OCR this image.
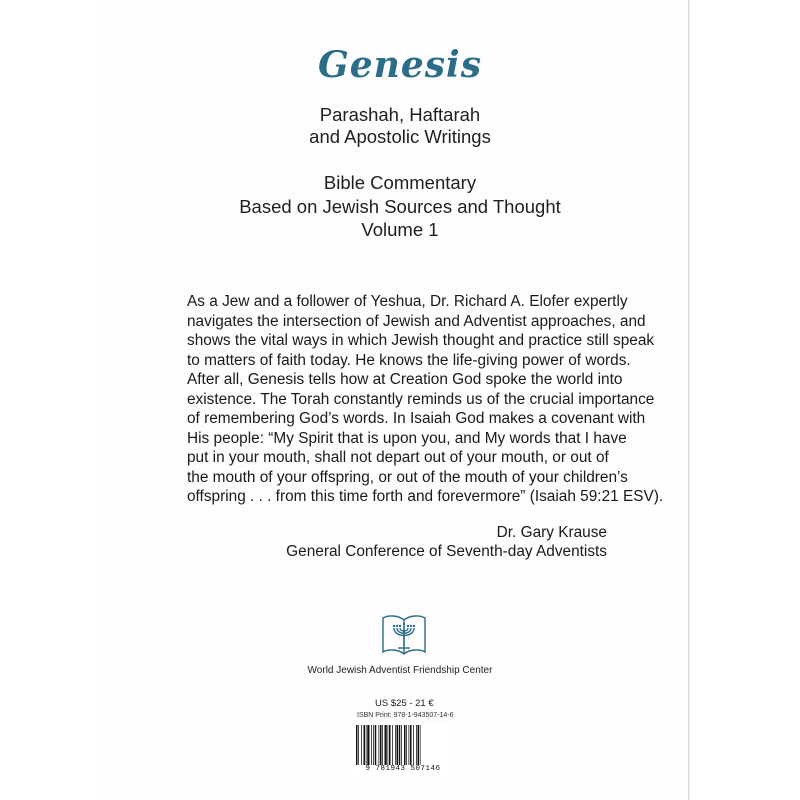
Genesis
Parashah, Haftarah
and Apostolic Writings
Bible Commentary
Based on Jewish Sources and Thought
Volume 1
As a Jew and a follower of Yeshua, Dr. Richard A. Elofer expertly
navigates the intersection of Jewish and Adventist approaches, and
shows the vital ways in which Jewish thought and practice still speak
to matters of faith today. He knows the life-giving power of words.
After all, Genesis tells how at Creation God spoke the world into
existence. The Torah constantly reminds us of the crucial importance
of remembering God’s words. In Isaiah God makes a covenant with
His people: “My Spirit that is upon you, and My words that I have
put in your mouth, shall not depart out of your mouth, or out of
the mouth of your offspring, or out of the mouth of your children’s
offspring . . . from this time forth and forevermore” (Isaiah 59:21 ESV).
Dr. Gary Krause
General Conference of Seventh-day Adventists
World Jewish Adventist Friendship Center
US $25 - 21 €
ISBN Print: 978-1-943507-14-6
9 781943 507146
